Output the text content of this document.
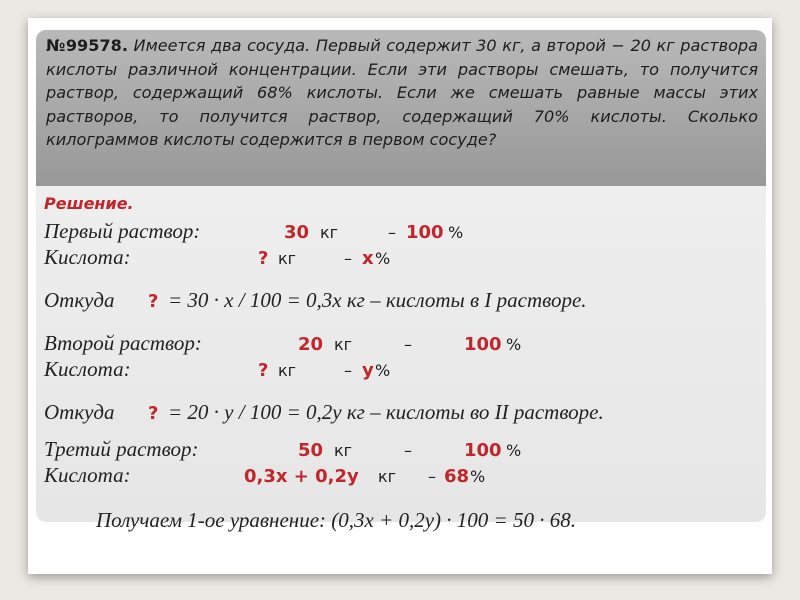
№99578. Имеется два сосуда. Первый содержит 30 кг, а второй − 20 кг раствора кислоты различной концентрации. Если эти растворы смешать, то получится раствор, содержащий 68% кислоты. Если же смешать равные массы этих растворов, то получится раствор, содержащий 70% кислоты. Сколько килограммов кислоты содержится в первом сосуде?

Решение.
Первый раствор:	30 кг	– 100 %
Кислота:	? кг	– x %
Откуда ? = 30 · x / 100 = 0,3x кг – кислоты в I растворе.
Второй раствор:	20 кг	–	100 %
Кислота:	? кг	– y %
Откуда ? = 20 · y / 100 = 0,2y кг – кислоты во II растворе.
Третий раствор:	50 кг	–	100 %
Кислота:	0,3x + 0,2y кг – 68 %
Получаем 1-ое уравнение: (0,3x + 0,2y) · 100 = 50 · 68.
